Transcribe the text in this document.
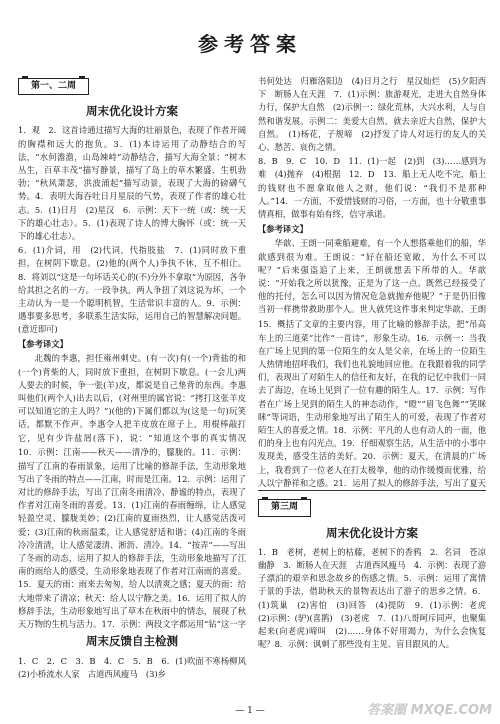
参考答案
第一、二周
周末优化设计方案

1．观　2．这首诗通过描写大海的壮丽景色，表现了作者开阔的胸襟和远大的抱负。3．(1)本诗运用了动静结合的写法，“水何澹澹，山岛竦峙”动静结合，描写大海全景；“树木丛生，百草丰茂”描写静景，描写了岛上的草木繁盛、生机勃勃；“秋风萧瑟，洪波涌起”描写动景，表现了大海的磅礴气势。4．表明大海吞吐日月星辰的气势，表现了作者的雄心壮志。5．(1)日月　(2)星汉　6．示例：天下一统（或：统一天下的雄心壮志）。5．(1)表现了诗人的博大胸怀（或：统一天下的雄心壮志）。

6．(1)介词，用　(2)代词，代指肢盐　7．(1)同时放下重担，在树阴下歇息。(2)他的(两个人)争执不休，互不相让。8．将刘以“这是一句坏话关心的(不)分外不拿取”为原因，各争给其担之名的一方。一段争执，两人争扭了刘这说为坏，一个主动认为一是一个聪明机智，生活常识丰富的人。9．示例：遇事要多思考，多联系生活实际，运用自己的智慧解决问题。(意近即可)

【参考译文】

北魏的李惠，担任雍州刺史。(有一次)有(一个)背盐的和(一个)背柴的人，同时放下重担，在树阴下歇息。(一会儿)两人要去的时候，争一张(羊)皮，都说是自己垫背的东西。李惠叫他们(两个人)出去以后，(对州里的属官说：“拷打这张羊皮可以知道它的主人吗？”)(他的)下属们都以为(这是一句)玩笑话，都默不作声。李惠令人把羊皮放在席子上，用棍棒敲打它，见有少许盐屑(落下)，说：“知道这个事的真实情况

10．示例：江南——秋天——清净的，朦胧的。11．示例：描写了江南的春雨景象，运用了比喻的修辞手法，生动形象地写出了冬雨的特点——江南，时而是江南。12．示例：运用了对比的修辞手法，写出了江南冬雨清冷、静谧的特点，表现了作者对江南冬雨的喜爱。13．(1)江南的春雨缠绵，让人感觉轻盈空灵、朦胧美妙；(2)江南的夏雨热烈，让人感觉活泼可爱；(3)江南的秋雨温柔，让人感觉舒适和谐；(4)江南的冬雨冷冷清清，让人感觉凄清、淅沥、清冷。14．“按弄”——写出了冬雨的动态，运用了拟人的修辞手法，生动形象地描写了江南的雨给人的感受，生动形象地表现了作者对江南雨的喜爱。15．夏天的雨：雨来去匆匆，给人以清爽之感；夏天的雨：给大地带来了清凉；秋天：给人以宁静之美。16．运用了拟人的修辞手法，生动形象地写出了草木在秋雨中的情态，展现了秋天万物的生机与活力。17．示例：两段文字都运用“钻”这一字

周末反馈自主检测

1．C　2．C　3．B　4．C　5．B　6．(1)吹面不寒杨柳风　(2)小桥流水人家　古道西风瘦马　(3)乡

书何处达　归雁洛阳边　(4)日月之行　星汉灿烂　(5)夕阳西下　断肠人在天涯　7．(1)示例：旅游观光，走进大自然身体力行，保护大自然　(2)示例一：绿化荒林，大兴水利，人与自然和谐发展。示例二：美爱大自然，就去亲近大自然，保护大自然。　(1)杨花，子规啼　(2)抒发了诗人对远行的友人的关心、愁苦、哀伤之情。

8．B　9．C　10．D　11．(1)一起　(2)到　(3)……感到为难　(4)抛弃　(4)根据　12．D　13．船上无人吃不完，船上的钱财也不愿拿取他人之财，他们说：“我们不是那种人。”14．一方面，不爱惜钱财的习俗，一方面，也十分敬重事情真相，做事有始有终，信守承诺。

【参考译文】

华歆、王朗一同乘船避难，有一个人想搭乘他们的船，华歆感到很为难。王朗说：“好在船还宽敞，为什么不可以呢？”后来强盗追了上来，王朗就想丢下所带的人。华歆说：“开始我之所以犹豫，正是为了这一点。既然已经接受了他的托付，怎么可以因为情况危急就抛弃他呢？”于是仍旧像当初一样携带救助那个人。世人就凭这件事来判定华歆、王朗

15．概括了文章的主要内容，用了比喻的修辞手法，把“吊高车上的三道菜”比作“一首诗”，形象生动。16．示例一：当我在广场上见到的第一位陌生的女人是父亲，在场上的一位陌生人热情地招呼我们，我们也礼貌地回应他。在我跟着我的同学们，表现出了对陌生人的信任和友好，在我的记忆中我们一同去了海边，在场上见到了一位有趣的陌生人。17．示例：写作者在广场上见到的陌生人的神态动作，“瞪”“眉飞色舞”“笑眯眯”等词语，生动形象地写出了陌生人的可爱，表现了作者对陌生人的喜爱之情。18．示例：平凡的人也有动人的一面，他们的身上也有闪光点。19．仔细观察生活，从生活中的小事中发现美，感受生活的美好。20．示例：夏天，在清晨的广场上，我看到了一位老人在打太极拳，他的动作缓慢而优雅，给人以宁静祥和之感。21．运用了拟人的修辞手法，写出了夏天

第三周
周末优化设计方案

1．B　老树，老树上的枯藤，老树下的香鸦　2．名词　苍凉　幽静　3．断肠人在天涯　古道西风瘦马　4．示例：表现了游子漂泊的艰辛和思念故乡的伤感之情。5．示例：运用了寓情于景的手法，借助秋天的景物表达出了游子的思乡之情。6．(1)筑巢　(2)害怕　(3)回答　(4)提防　9．(1)示例：老虎　(2)示例：(驴)(喜鹊)　(3)老虎　7．(1)八哥呵斥同声，也聚集起来(向老虎)啼叫　(2)……身体不好用竭力，为什么会恢复呢？8．示例：讽刺了那些没有主见、盲目跟风的人。

— 1 —	答案圈 MXQE.COM
